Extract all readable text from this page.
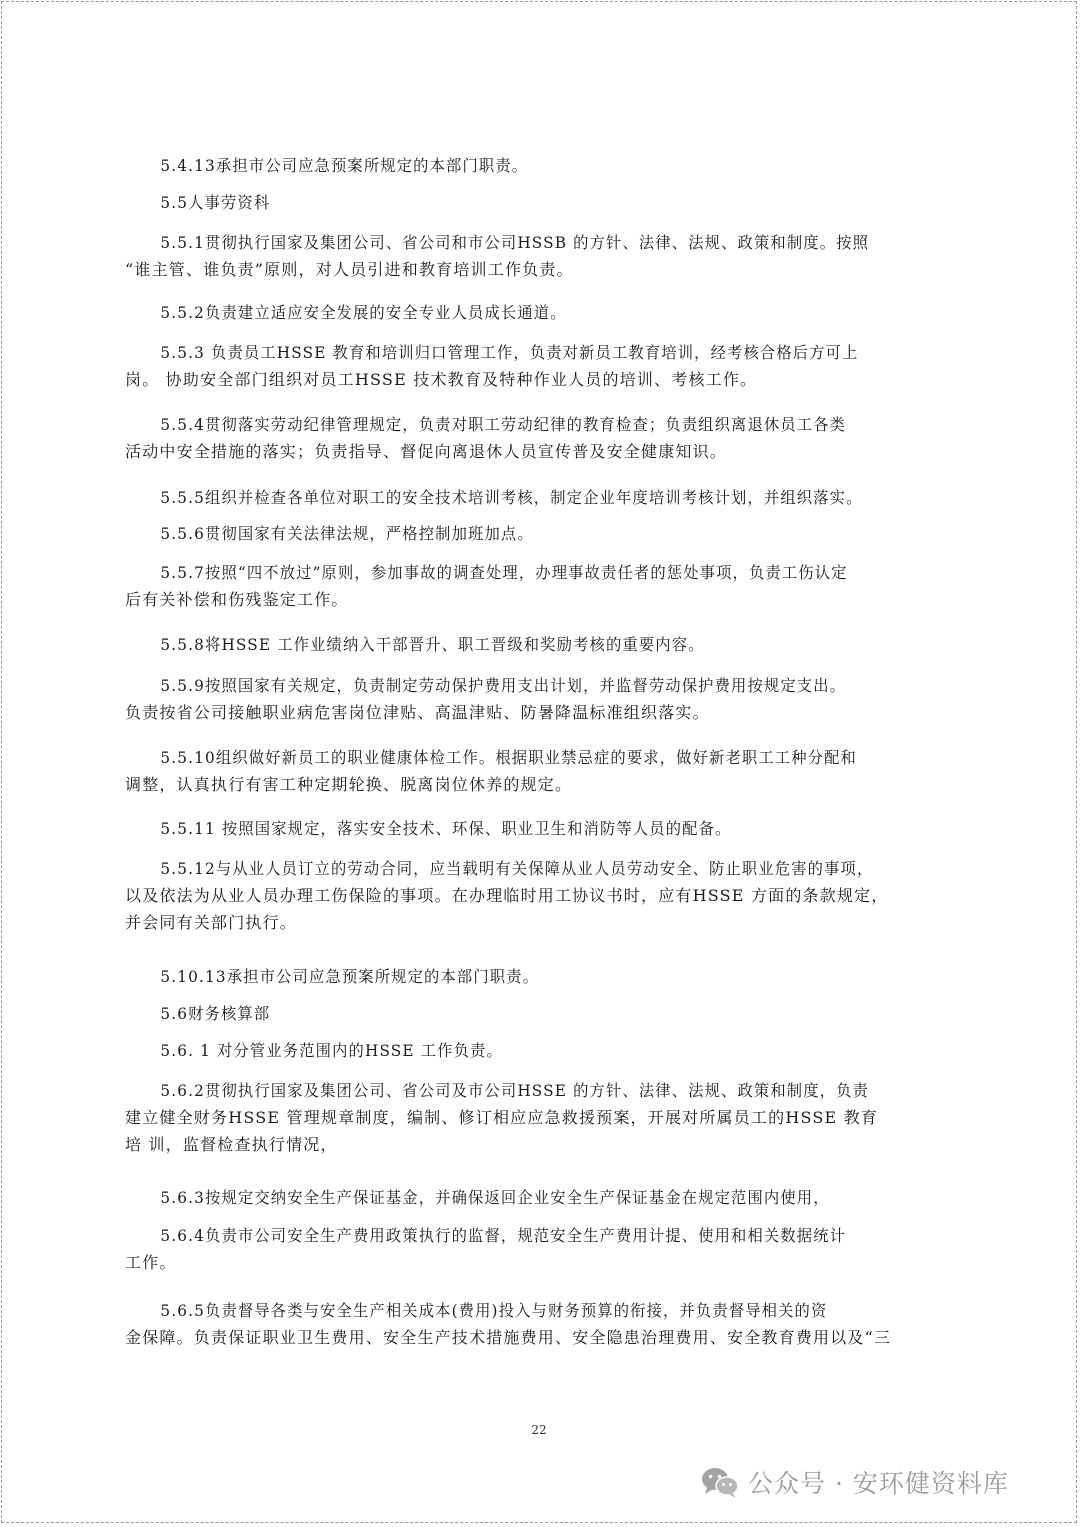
5.4.13承担市公司应急预案所规定的本部门职责。
5.5人事劳资科
5.5.1贯彻执行国家及集团公司、省公司和市公司HSSB 的方针、法律、法规、政策和制度。按照
“谁主管、谁负责”原则，对人员引进和教育培训工作负责。
5.5.2负责建立适应安全发展的安全专业人员成长通道。
5.5.3 负责员工HSSE 教育和培训归口管理工作，负责对新员工教育培训，经考核合格后方可上
岗。 协助安全部门组织对员工HSSE 技术教育及特种作业人员的培训、考核工作。
5.5.4贯彻落实劳动纪律管理规定，负责对职工劳动纪律的教育检查；负责组织离退休员工各类
活动中安全措施的落实；负责指导、督促向离退休人员宣传普及安全健康知识。
5.5.5组织并检查各单位对职工的安全技术培训考核，制定企业年度培训考核计划，并组织落实。
5.5.6贯彻国家有关法律法规，严格控制加班加点。
5.5.7按照“四不放过”原则，参加事故的调查处理，办理事故责任者的惩处事项，负责工伤认定
后有关补偿和伤残鉴定工作。
5.5.8将HSSE 工作业绩纳入干部晋升、职工晋级和奖励考核的重要内容。
5.5.9按照国家有关规定，负责制定劳动保护费用支出计划，并监督劳动保护费用按规定支出。
负责按省公司接触职业病危害岗位津贴、高温津贴、防暑降温标准组织落实。
5.5.10组织做好新员工的职业健康体检工作。根据职业禁忌症的要求，做好新老职工工种分配和
调整，认真执行有害工种定期轮换、脱离岗位休养的规定。
5.5.11 按照国家规定，落实安全技术、环保、职业卫生和消防等人员的配备。
5.5.12与从业人员订立的劳动合同，应当载明有关保障从业人员劳动安全、防止职业危害的事项，
以及依法为从业人员办理工伤保险的事项。在办理临时用工协议书时，应有HSSE 方面的条款规定，
并会同有关部门执行。
5.10.13承担市公司应急预案所规定的本部门职责。
5.6财务核算部
5.6. 1 对分管业务范围内的HSSE 工作负责。
5.6.2贯彻执行国家及集团公司、省公司及市公司HSSE 的方针、法律、法规、政策和制度，负责
建立健全财务HSSE 管理规章制度，编制、修订相应应急救援预案，开展对所属员工的HSSE 教育
培 训，监督检查执行情况，
5.6.3按规定交纳安全生产保证基金，并确保返回企业安全生产保证基金在规定范围内使用，
5.6.4负责市公司安全生产费用政策执行的监督，规范安全生产费用计提、使用和相关数据统计
工作。
5.6.5负责督导各类与安全生产相关成本(费用)投入与财务预算的衔接，并负责督导相关的资
金保障。负责保证职业卫生费用、安全生产技术措施费用、安全隐患治理费用、安全教育费用以及“三
22
公众号 · 安环健资料库
